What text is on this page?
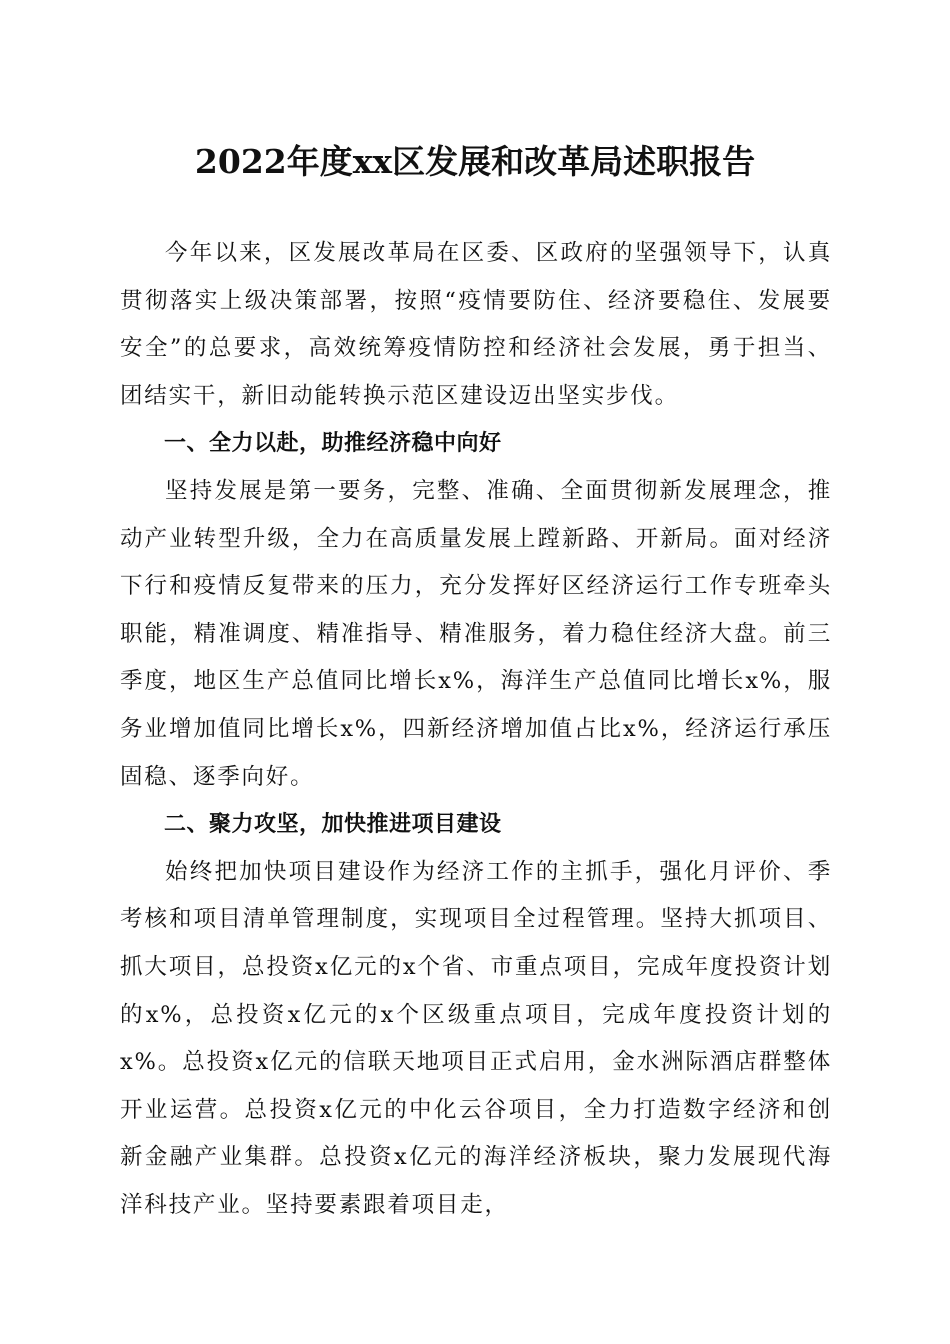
2022年度xx区发展和改革局述职报告

今年以来，区发展改革局在区委、区政府的坚强领导下，认真贯彻落实上级决策部署，按照“疫情要防住、经济要稳住、发展要安全”的总要求，高效统筹疫情防控和经济社会发展，勇于担当、团结实干，新旧动能转换示范区建设迈出坚实步伐。

一、全力以赴，助推经济稳中向好

坚持发展是第一要务，完整、准确、全面贯彻新发展理念，推动产业转型升级，全力在高质量发展上蹚新路、开新局。面对经济下行和疫情反复带来的压力，充分发挥好区经济运行工作专班牵头职能，精准调度、精准指导、精准服务，着力稳住经济大盘。前三季度，地区生产总值同比增长x%，海洋生产总值同比增长x%，服务业增加值同比增长x%，四新经济增加值占比x%，经济运行承压固稳、逐季向好。

二、聚力攻坚，加快推进项目建设

始终把加快项目建设作为经济工作的主抓手，强化月评价、季考核和项目清单管理制度，实现项目全过程管理。坚持大抓项目、抓大项目，总投资x亿元的x个省、市重点项目，完成年度投资计划的x%，总投资x亿元的x个区级重点项目，完成年度投资计划的x%。总投资x亿元的信联天地项目正式启用，金水洲际酒店群整体开业运营。总投资x亿元的中化云谷项目，全力打造数字经济和创新金融产业集群。总投资x亿元的海洋经济板块，聚力发展现代海洋科技产业。坚持要素跟着项目走，
